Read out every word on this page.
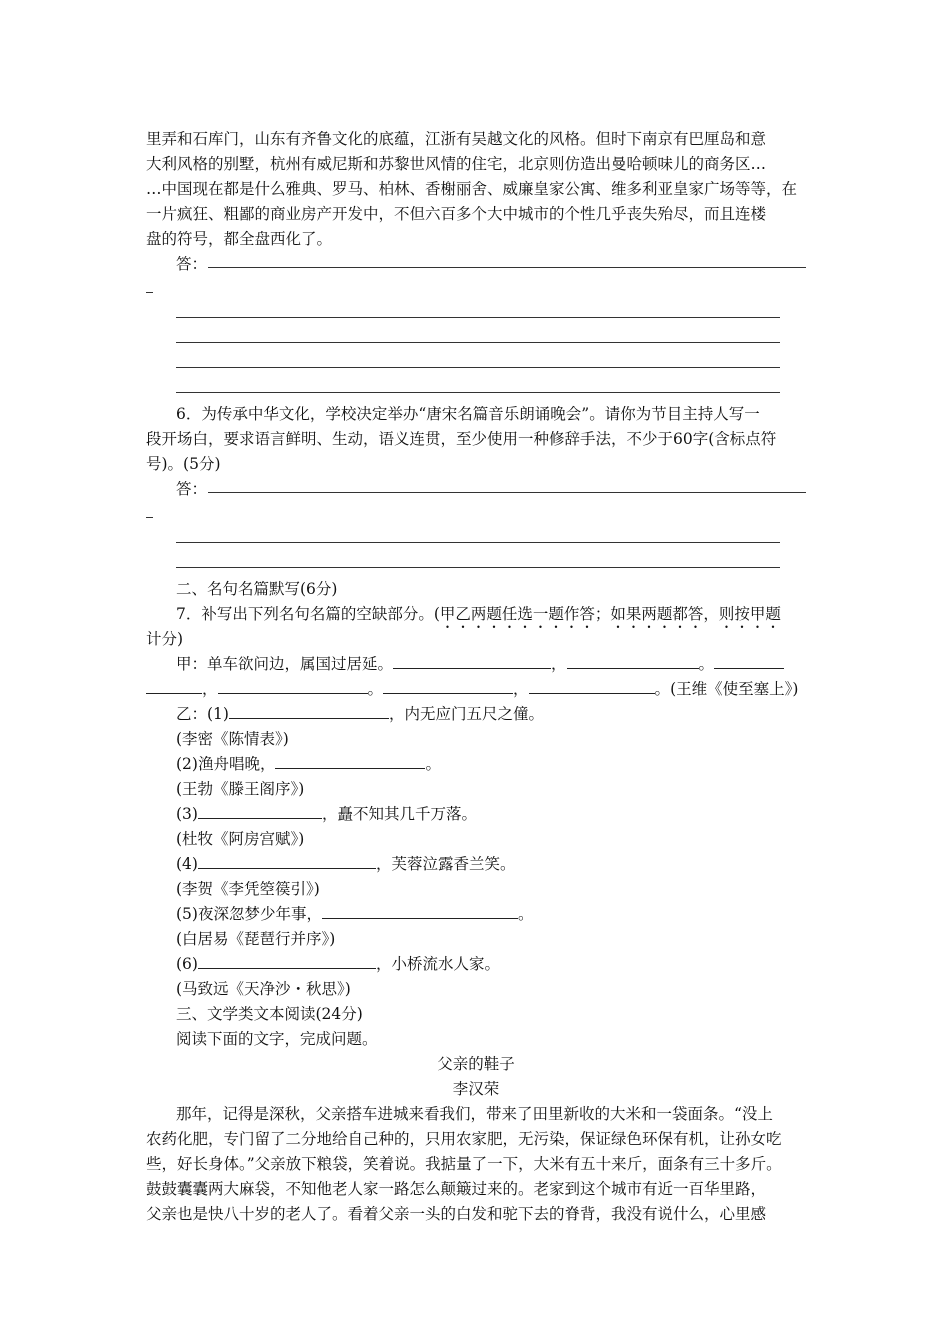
里弄和石库门，山东有齐鲁文化的底蕴，江浙有吴越文化的风格。但时下南京有巴厘岛和意
大利风格的别墅，杭州有威尼斯和苏黎世风情的住宅，北京则仿造出曼哈顿味儿的商务区…
…中国现在都是什么雅典、罗马、柏林、香榭丽舍、威廉皇家公寓、维多利亚皇家广场等等，在
一片疯狂、粗鄙的商业房产开发中，不但六百多个大中城市的个性几乎丧失殆尽，而且连楼
盘的符号，都全盘西化了。
答：
6．为传承中华文化，学校决定举办“唐宋名篇音乐朗诵晚会”。请你为节目主持人写一
段开场白，要求语言鲜明、生动，语义连贯，至少使用一种修辞手法，不少于60字(含标点符
号)。(5分)
答：
二、名句名篇默写(6分)
7．补写出下列名句名篇的空缺部分。(甲乙两题任选一题作答；如果两题都答，则按甲题
计分)
甲：单车欲问边，属国过居延。	，	。
，	。	，	。(王维《使至塞上》)
乙：(1)	，内无应门五尺之僮。
(李密《陈情表》)
(2)渔舟唱晚，	。
(王勃《滕王阁序》)
(3)	，矗不知其几千万落。
(杜牧《阿房宫赋》)
(4)	，芙蓉泣露香兰笑。
(李贺《李凭箜篌引》)
(5)夜深忽梦少年事，	。
(白居易《琵琶行并序》)
(6)	，小桥流水人家。
(马致远《天净沙・秋思》)
三、文学类文本阅读(24分)
阅读下面的文字，完成问题。
父亲的鞋子
李汉荣
那年，记得是深秋，父亲搭车进城来看我们，带来了田里新收的大米和一袋面条。“没上
农药化肥，专门留了二分地给自己种的，只用农家肥，无污染，保证绿色环保有机，让孙女吃
些，好长身体。”父亲放下粮袋，笑着说。我掂量了一下，大米有五十来斤，面条有三十多斤。
鼓鼓囊囊两大麻袋，不知他老人家一路怎么颠簸过来的。老家到这个城市有近一百华里路，
父亲也是快八十岁的老人了。看着父亲一头的白发和驼下去的脊背，我没有说什么，心里感
